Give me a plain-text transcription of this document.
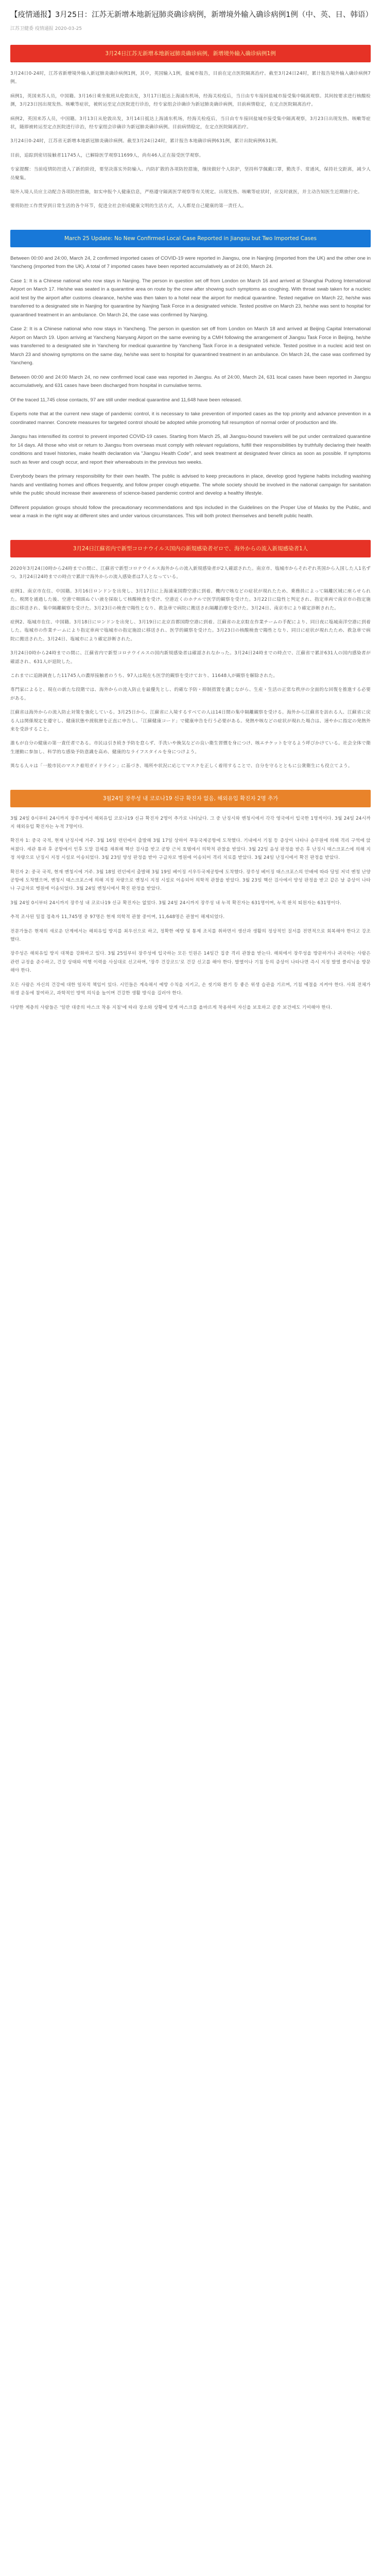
【疫情通报】3月25日：江苏无新增本地新冠肺炎确诊病例，新增境外输入确诊病例1例（中、英、日、韩语）
江苏卫健委 疫情通报 2020-03-25
3月24日江苏无新增本地新冠肺炎确诊病例，新增境外输入确诊病例1例

3月24日0-24时，江苏省新增境外输入新冠肺炎确诊病例1例，其中，英国输入1例，盐城市报告，目前在定点医院隔离治疗。截至3月24日24时，累计报告境外输入确诊病例7例。

病例1，英国来苏人员，中国籍。3月16日乘坐航班从伦敦出发，3月17日抵达上海浦东机场，经海关检疫后，当日由专车接回盐城市接受集中隔离观察。其间按要求进行核酸检测，3月23日因出现发热、咳嗽等症状，被转运至定点医院进行诊治，经专家组会诊确诊为新冠肺炎确诊病例，目前病情稳定，在定点医院隔离治疗。

病例2，英国来苏人员，中国籍。3月13日从伦敦出发，3月14日抵达上海浦东机场，经海关检疫后，当日由专车接回盐城市接受集中隔离观察，3月23日出现发热、咳嗽等症状，随即被转运至定点医院进行诊治，经专家组会诊确诊为新冠肺炎确诊病例。目前病情稳定，在定点医院隔离治疗。

3月24日0-24时，江苏省无新增本地新冠肺炎确诊病例。截至3月24日24时，累计报告本地确诊病例631例，累计出院病例631例。

目前，追踪到密切接触者11745人，已解除医学观察11699人，尚有46人正在接受医学观察。

专家提醒：当前疫情防控进入了新的阶段，要坚决落实外防输入、内防扩散的各项防控措施，继续做好个人防护，坚持科学佩戴口罩，勤洗手、常通风，保持社交距离，减少人员聚集。

境外入境人员应主动配合各项防控措施，如实申报个人健康信息，严格遵守隔离医学观察等有关规定。出现发热、咳嗽等症状时，应及时就医，并主动告知医生近期旅行史。

要将防控工作贯穿到日常生活的各个环节，促进全社会形成健康文明的生活方式，人人都是自己健康的第一责任人。

March 25 Update: No New Confirmed Local Case Reported in Jiangsu but Two Imported Cases

Between 00:00 and 24:00, March 24, 2 confirmed imported cases of COVID-19 were reported in Jiangsu, one in Nanjing (imported from the UK) and the other one in Yancheng (imported from the UK). A total of 7 imported cases have been reported accumulatively as of 24:00, March 24.

Case 1: It is a Chinese national who now stays in Nanjing. The person in question set off from London on March 16 and arrived at Shanghai Pudong International Airport on March 17. He/she was seated in a quarantine area on route by the crew after showing such symptoms as coughing. With throat swab taken for a nucleic acid test by the airport after customs clearance, he/she was then taken to a hotel near the airport for medical quarantine. Tested negative on March 22, he/she was transferred to a designated site in Nanjing for quarantine by Nanjing Task Force in a designated vehicle. Tested positive on March 23, he/she was sent to hospital for quarantined treatment in an ambulance. On March 24, the case was confirmed by Nanjing.

Case 2: It is a Chinese national who now stays in Yancheng. The person in question set off from London on March 18 and arrived at Beijing Capital International Airport on March 19. Upon arriving at Yancheng Nanyang Airport on the same evening by a CMH following the arrangement of Jiangsu Task Force in Beijing, he/she was transferred to a designated site in Yancheng for medical quarantine by Yancheng Task Force in a designated vehicle. Tested positive in a nucleic acid test on March 23 and showing symptoms on the same day, he/she was sent to hospital for quarantined treatment in an ambulance. On March 24, the case was confirmed by Yancheng.

Between 00:00 and 24:00 March 24, no new confirmed local case was reported in Jiangsu. As of 24:00, March 24, 631 local cases have been reported in Jiangsu accumulatively, and 631 cases have been discharged from hospital in cumulative terms.

Of the traced 11,745 close contacts, 97 are still under medical quarantine and 11,648 have been released.

Experts note that at the current new stage of pandemic control, it is necessary to take prevention of imported cases as the top priority and advance prevention in a coordinated manner. Concrete measures for targeted control should be adopted while promoting full resumption of normal order of production and life.

Jiangsu has intensified its control to prevent imported COVID-19 cases. Starting from March 25, all Jiangsu-bound travelers will be put under centralized quarantine for 14 days. All those who visit or return to Jiangsu from overseas must comply with relevant regulations, fulfill their responsibilities by truthfully declaring their health conditions and travel histories, make health declaration via "Jiangsu Health Code", and seek treatment at designated fever clinics as soon as possible. If symptoms such as fever and cough occur, and report their whereabouts in the previous two weeks.

Everybody bears the primary responsibility for their own health. The public is advised to keep precautions in place, develop good hygiene habits including washing hands and ventilating homes and offices frequently, and follow proper cough etiquette. The whole society should be involved in the national campaign for sanitation while the public should increase their awareness of science-based pandemic control and develop a healthy lifestyle.

Different population groups should follow the precautionary recommendations and tips included in the Guidelines on the Proper Use of Masks by the Public, and wear a mask in the right way at different sites and under various circumstances. This will both protect themselves and benefit public health.

3月24日江蘇省内で新型コロナウイルス国内の新規感染者ゼロで、海外からの流入新規感染者1人

2020年3月24日0時から24時までの間に、江蘇省で新型コロナウイルス海外からの流入新規感染者が2人確認された。南京市、塩城市からそれぞれ英国から入国した人1名ずつ。3月24日24時までの時点で累計で海外からの流入感染者は7人となっている。

症例1、南京市在住、中国籍。3月16日ロンドンを出発し、3月17日に上海浦東国際空港に到着。機内で咳などの症状が現れたため、乗務員によって隔離区域に座らせられた。税関を通過した後、空港で咽頭ぬぐい液を採取して核酸検査を受け、空港近くのホテルで医学的観察を受けた。3月22日に陰性と判定され、指定車両で南京市の指定施設に移送され、集中隔離観察を受けた。3月23日の検査で陽性となり、救急車で病院に搬送され隔離治療を受けた。3月24日、南京市により確定診断された。

症例2、塩城市在住、中国籍。3月18日にロンドンを出発し、3月19日に北京首都国際空港に到着。江蘇省の北京駐在作業チームの手配により、同日夜に塩城南洋空港に到着した。塩城市の作業チームにより指定車両で塩城市の指定施設に移送され、医学的観察を受けた。3月23日の核酸検査で陽性となり、同日に症状が現れたため、救急車で病院に搬送された。3月24日、塩城市により確定診断された。

3月24日0時から24時までの間に、江蘇省内で新型コロナウイルスの国内新規感染者は確認されなかった。3月24日24時までの時点で、江蘇省で累計631人の国内感染者が確認され、631人が退院した。

これまでに追跡調査した11745人の濃厚接触者のうち、97人は現在も医学的観察を受けており、11648人が観察を解除された。

専門家によると、現在の新たな段階では、海外からの流入防止を最優先とし、的確な予防・抑制措置を講じながら、生産・生活の正常な秩序の全面的な回復を推進する必要がある。

江蘇省は海外からの流入防止対策を強化している。3月25日から、江蘇省に入境するすべての人は14日間の集中隔離観察を受ける。海外から江蘇省を訪れる人、江蘇省に戻る人は関係規定を遵守し、健康状態や渡航歴を正直に申告し、「江蘇健康コード」で健康申告を行う必要がある。発熱や咳などの症状が現れた場合は、速やかに指定の発熱外来を受診すること。

誰もが自分の健康の第一責任者である。市民は引き続き予防を怠らず、手洗いや換気などの良い衛生習慣を身につけ、咳エチケットを守るよう呼びかけている。社会全体で衛生運動に参加し、科学的な感染予防意識を高め、健康的なライフスタイルを身につけよう。

異なる人々は「一般市民のマスク着用ガイドライン」に基づき、場所や状況に応じてマスクを正しく着用することで、自分を守るとともに公衆衛生にも役立てよう。

3월24일 장쑤성 내 코로나19 신규 확진자 없음, 해외유입 확진자 2명 추가

3월 24일 0시부터 24시까지 장쑤성에서 해외유입 코로나19 신규 확진자 2명이 추가로 나타났다. 그 중 난징시와 옌청시에서 각각 영국에서 입국한 1명씩이다. 3월 24일 24시까지 해외유입 확진자는 누적 7명이다.

확진자 1: 중국 국적, 현재 난징시에 거주. 3월 16일 런던에서 출발해 3월 17일 상하이 푸동국제공항에 도착했다. 기내에서 기침 등 증상이 나타나 승무원에 의해 격리 구역에 앉혀졌다. 세관 통과 후 공항에서 인후 도말 검체를 채취해 핵산 검사를 받고 공항 근처 호텔에서 의학적 관찰을 받았다. 3월 22일 음성 판정을 받은 후 난징시 태스크포스에 의해 지정 차량으로 난징시 지정 시설로 이송되었다. 3월 23일 양성 판정을 받아 구급차로 병원에 이송되어 격리 치료를 받았다. 3월 24일 난징시에서 확진 판정을 받았다.

확진자 2: 중국 국적, 현재 옌청시에 거주. 3월 18일 런던에서 출발해 3월 19일 베이징 서우두국제공항에 도착했다. 장쑤성 베이징 태스크포스의 안배에 따라 당일 저녁 옌청 난양공항에 도착했으며, 옌청시 태스크포스에 의해 지정 차량으로 옌청시 지정 시설로 이송되어 의학적 관찰을 받았다. 3월 23일 핵산 검사에서 양성 판정을 받고 같은 날 증상이 나타나 구급차로 병원에 이송되었다. 3월 24일 옌청시에서 확진 판정을 받았다.

3월 24일 0시부터 24시까지 장쑤성 내 코로나19 신규 확진자는 없었다. 3월 24일 24시까지 장쑤성 내 누적 확진자는 631명이며, 누적 완치 퇴원자는 631명이다.

추적 조사된 밀접 접촉자 11,745명 중 97명은 현재 의학적 관찰 중이며, 11,648명은 관찰이 해제되었다.

전문가들은 현재의 새로운 단계에서는 해외유입 방지를 최우선으로 하고, 정확한 예방 및 통제 조치를 취하면서 생산과 생활의 정상적인 질서를 전면적으로 회복해야 한다고 강조했다.

장쑤성은 해외유입 방지 대책을 강화하고 있다. 3월 25일부터 장쑤성에 입국하는 모든 인원은 14일간 집중 격리 관찰을 받는다. 해외에서 장쑤성을 방문하거나 귀국하는 사람은 관련 규정을 준수하고, 건강 상태와 여행 이력을 사실대로 신고하며, '장쑤 건강코드'로 건강 신고를 해야 한다. 발열이나 기침 등의 증상이 나타나면 즉시 지정 발열 클리닉을 방문해야 한다.

모든 사람은 자신의 건강에 대한 일차적 책임이 있다. 시민들은 계속해서 예방 수칙을 지키고, 손 씻기와 환기 등 좋은 위생 습관을 기르며, 기침 예절을 지켜야 한다. 사회 전체가 위생 운동에 참여하고, 과학적인 방역 의식을 높이며 건강한 생활 방식을 길러야 한다.

다양한 계층의 사람들은 '일반 대중의 마스크 착용 지침'에 따라 장소와 상황에 맞게 마스크를 올바르게 착용하여 자신을 보호하고 공중 보건에도 기여해야 한다.
